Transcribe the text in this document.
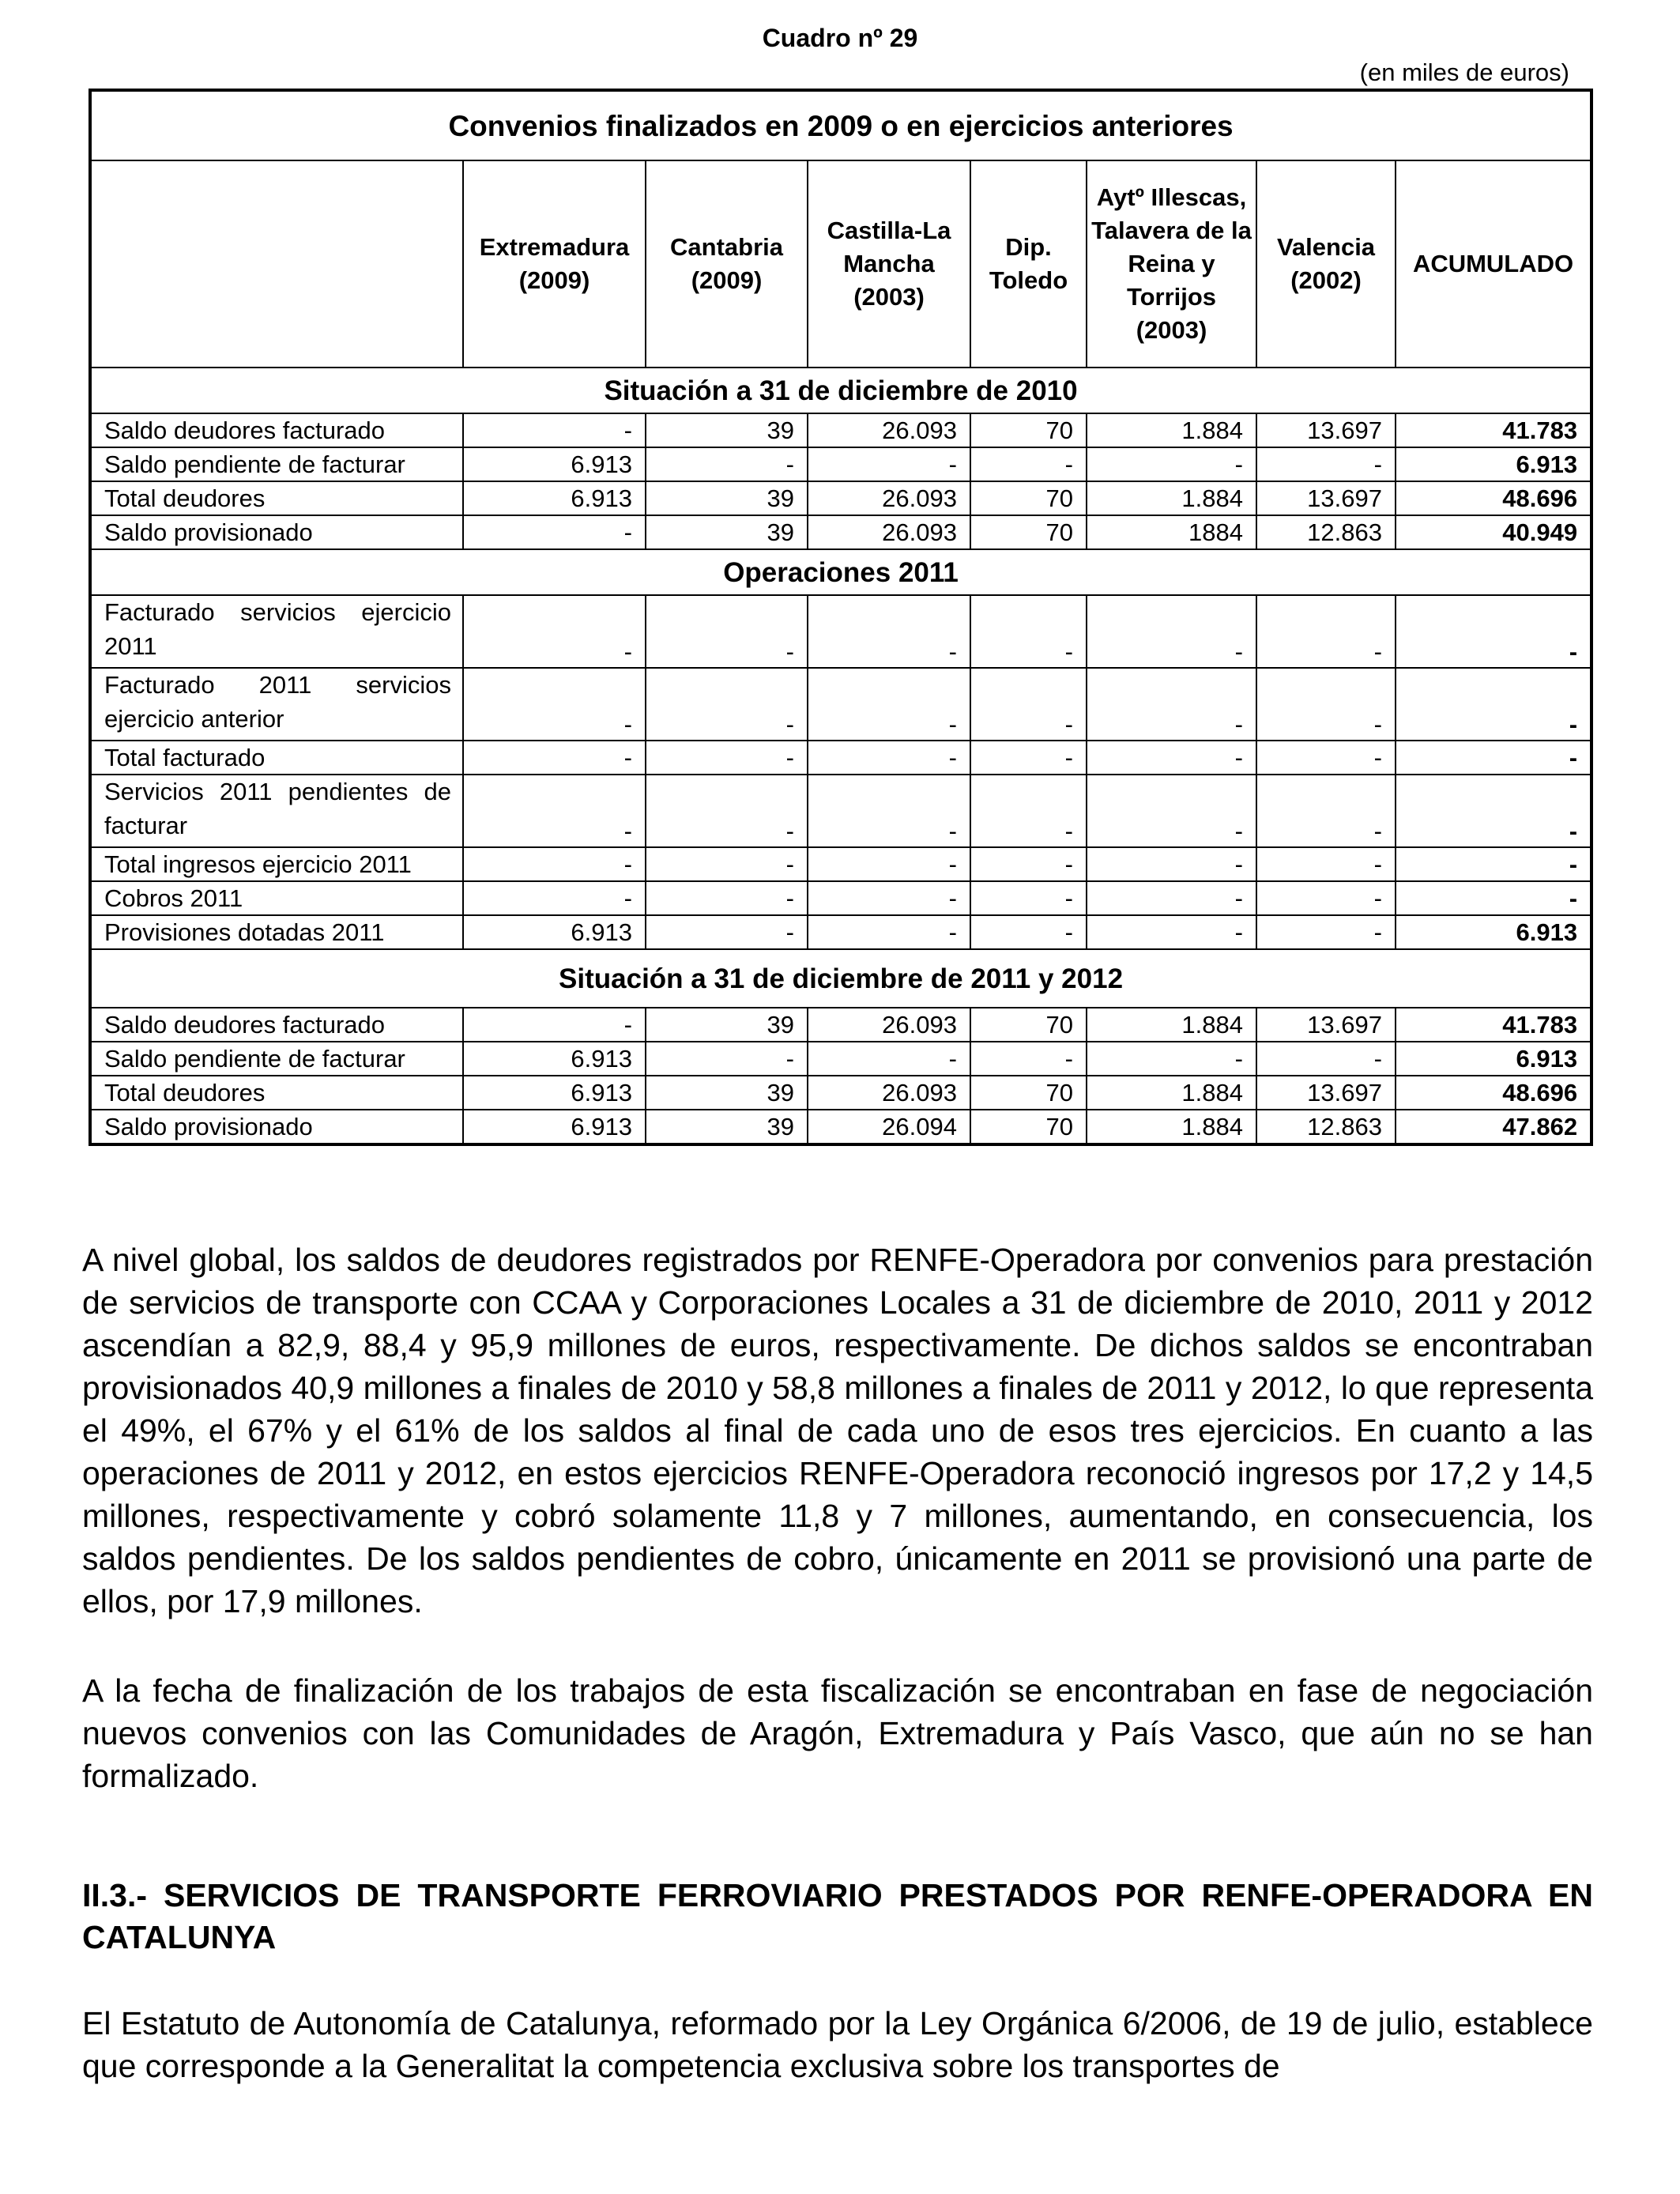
Cuadro nº 29
(en miles de euros)
Convenios finalizados en 2009 o en ejercicios anteriores							
	Extremadura (2009)	Cantabria (2009)	Castilla-La Mancha (2003)	Dip. Toledo	Aytº Illescas, Talavera de la Reina y Torrijos (2003)	Valencia (2002)	ACUMULADO
Situación a 31 de diciembre de 2010							
Saldo deudores facturado	-	39	26.093	70	1.884	13.697	41.783
Saldo pendiente de facturar	6.913	-	-	-	-	-	6.913
Total deudores	6.913	39	26.093	70	1.884	13.697	48.696
Saldo provisionado	-	39	26.093	70	1884	12.863	40.949
Operaciones 2011							
Facturado servicios ejercicio 2011	-	-	-	-	-	-	-
Facturado 2011 servicios ejercicio anterior	-	-	-	-	-	-	-
Total facturado	-	-	-	-	-	-	-
Servicios 2011 pendientes de facturar	-	-	-	-	-	-	-
Total ingresos ejercicio 2011	-	-	-	-	-	-	-
Cobros 2011	-	-	-	-	-	-	-
Provisiones dotadas 2011	6.913	-	-	-	-	-	6.913
Situación a 31 de diciembre de 2011 y 2012							
Saldo deudores facturado	-	39	26.093	70	1.884	13.697	41.783
Saldo pendiente de facturar	6.913	-	-	-	-	-	6.913
Total deudores	6.913	39	26.093	70	1.884	13.697	48.696
Saldo provisionado	6.913	39	26.094	70	1.884	12.863	47.862
A nivel global, los saldos de deudores registrados por RENFE-Operadora por convenios para prestación de servicios de transporte con CCAA y Corporaciones Locales a 31 de diciembre de 2010, 2011 y 2012 ascendían a 82,9, 88,4 y 95,9 millones de euros, respectivamente. De dichos saldos se encontraban provisionados 40,9 millones a finales de 2010 y 58,8 millones a finales de 2011 y 2012, lo que representa el 49%, el 67% y el 61% de los saldos al final de cada uno de esos tres ejercicios. En cuanto a las operaciones de 2011 y 2012, en estos ejercicios RENFE-Operadora reconoció ingresos por 17,2 y 14,5 millones, respectivamente y cobró solamente 11,8 y 7 millones, aumentando, en consecuencia, los saldos pendientes. De los saldos pendientes de cobro, únicamente en 2011 se provisionó una parte de ellos, por 17,9 millones.
A la fecha de finalización de los trabajos de esta fiscalización se encontraban en fase de negociación nuevos convenios con las Comunidades de Aragón, Extremadura y País Vasco, que aún no se han formalizado.
II.3.- SERVICIOS DE TRANSPORTE FERROVIARIO PRESTADOS POR RENFE-OPERADORA EN CATALUNYA
El Estatuto de Autonomía de Catalunya, reformado por la Ley Orgánica 6/2006, de 19 de julio, establece que corresponde a la Generalitat la competencia exclusiva sobre los transportes de
